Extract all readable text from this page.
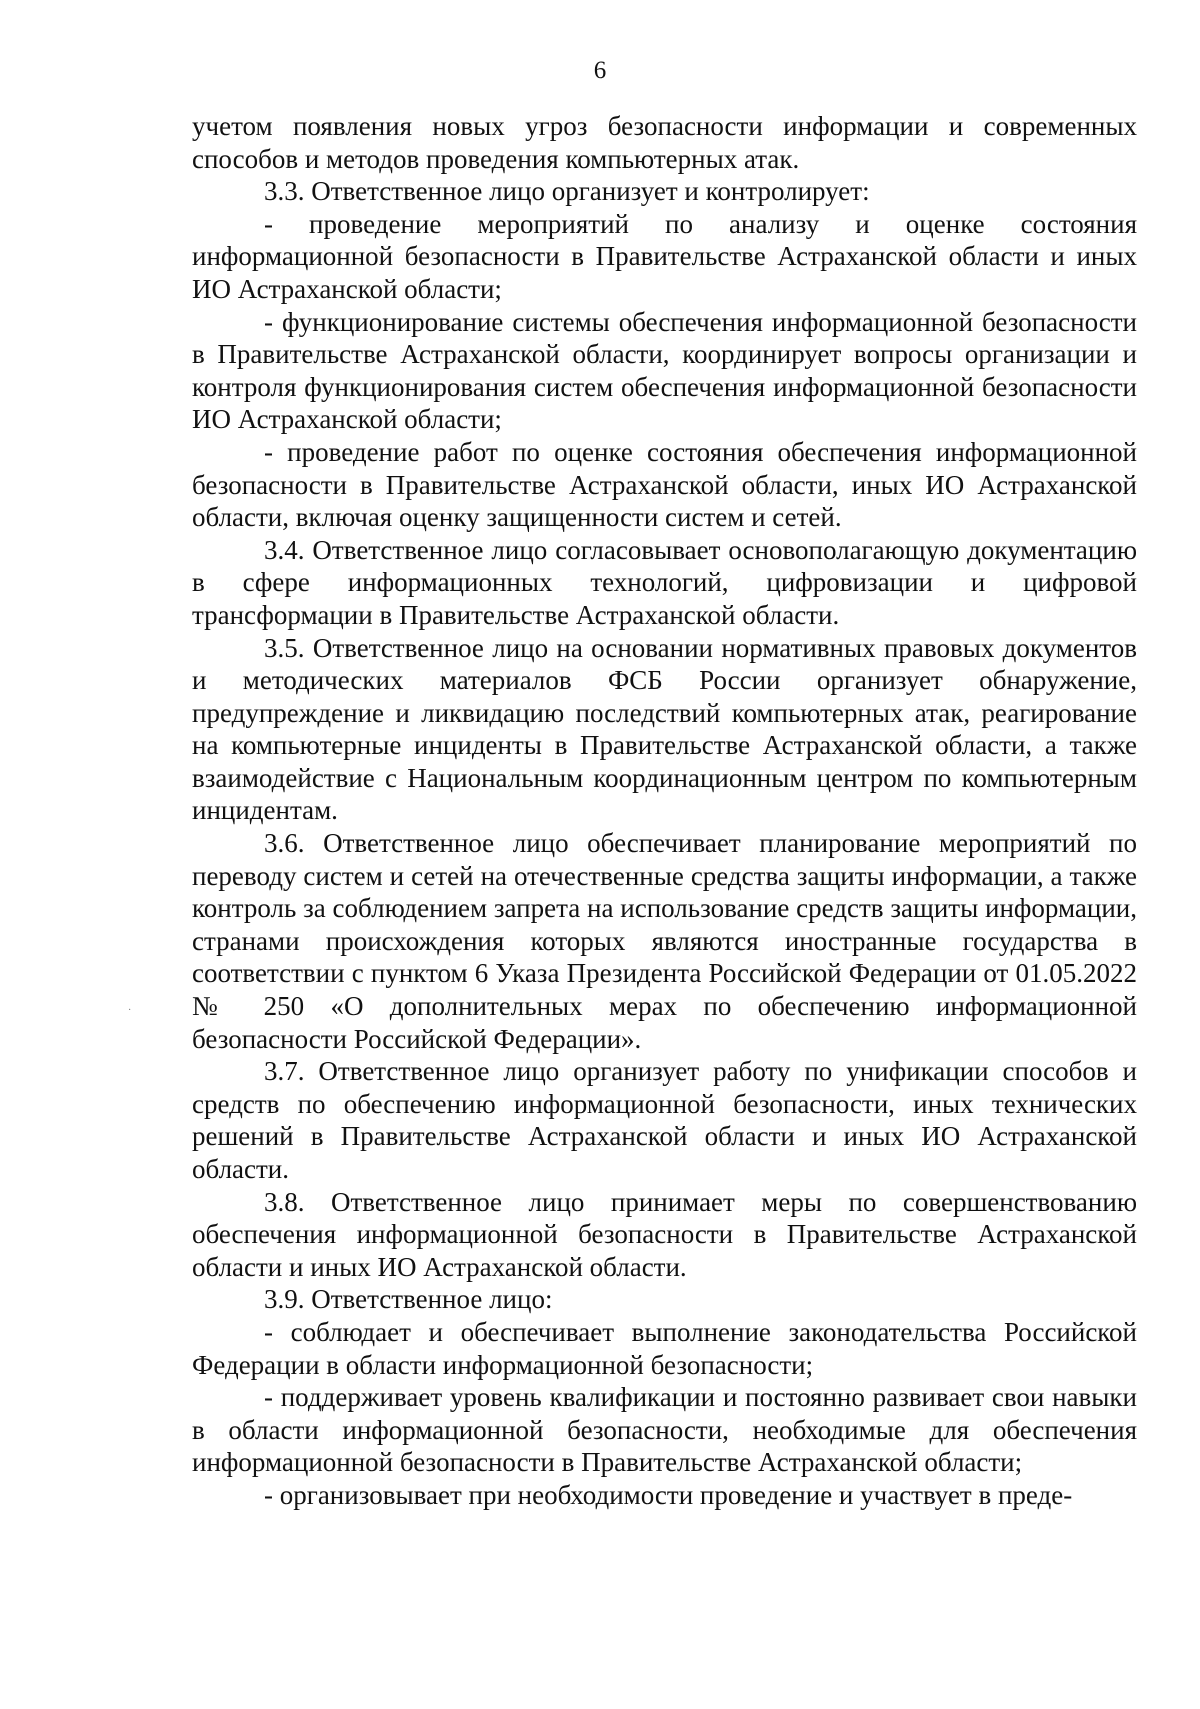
6
·

учетом появления новых угроз безопасности информации и современных способов и методов проведения компьютерных атак.

3.3. Ответственное лицо организует и контролирует:

- проведение мероприятий по анализу и оценке состояния информационной безопасности в Правительстве Астраханской области и иных ИО Астраханской области;

- функционирование системы обеспечения информационной безопасности в Правительстве Астраханской области, координирует вопросы организации и контроля функционирования систем обеспечения информационной безопасности ИО Астраханской области;

- проведение работ по оценке состояния обеспечения информационной безопасности в Правительстве Астраханской области, иных ИО Астраханской области, включая оценку защищенности систем и сетей.

3.4. Ответственное лицо согласовывает основополагающую документацию в сфере информационных технологий, цифровизации и цифровой трансформации в Правительстве Астраханской области.

3.5. Ответственное лицо на основании нормативных правовых документов и методических материалов ФСБ России организует обнаружение, предупреждение и ликвидацию последствий компьютерных атак, реагирование на компьютерные инциденты в Правительстве Астраханской области, а также взаимодействие с Национальным координационным центром по компьютерным инцидентам.

3.6. Ответственное лицо обеспечивает планирование мероприятий по переводу систем и сетей на отечественные средства защиты информации, а также контроль за соблюдением запрета на использование средств защиты информации, странами происхождения которых являются иностранные государства в соответствии с пунктом 6 Указа Президента Российской Федерации от 01.05.2022 № 250 «О дополнительных мерах по обеспечению информационной безопасности Российской Федерации».

3.7. Ответственное лицо организует работу по унификации способов и средств по обеспечению информационной безопасности, иных технических решений в Правительстве Астраханской области и иных ИО Астраханской области.

3.8. Ответственное лицо принимает меры по совершенствованию обеспечения информационной безопасности в Правительстве Астраханской области и иных ИО Астраханской области.

3.9. Ответственное лицо:

- соблюдает и обеспечивает выполнение законодательства Российской Федерации в области информационной безопасности;

- поддерживает уровень квалификации и постоянно развивает свои навыки в области информационной безопасности, необходимые для обеспечения информационной безопасности в Правительстве Астраханской области;

- организовывает при необходимости проведение и участвует в преде-
